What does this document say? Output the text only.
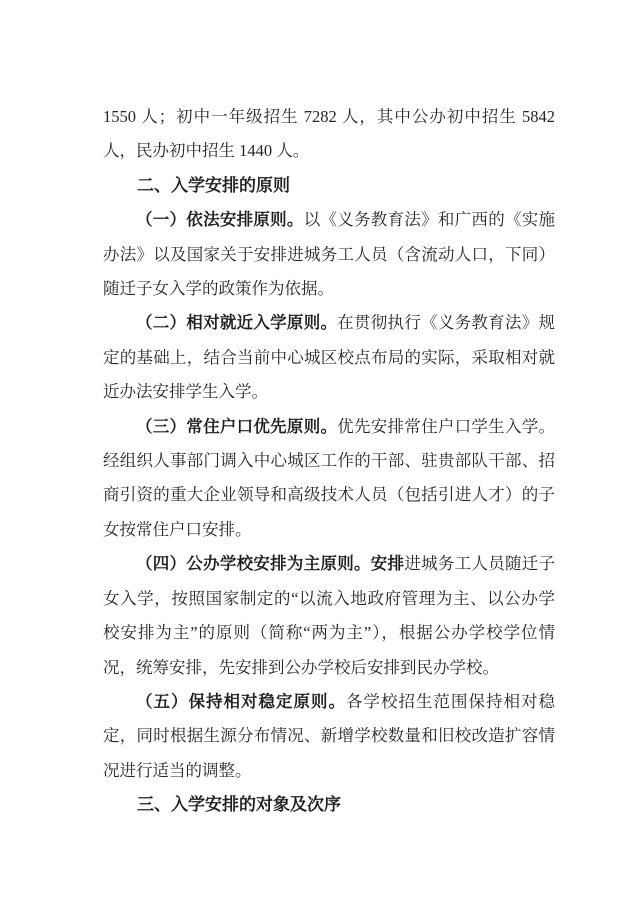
1550 人；初中一年级招生 7282 人，其中公办初中招生 5842 人，民办初中招生 1440 人。

二、入学安排的原则

（一）依法安排原则。以《义务教育法》和广西的《实施办法》以及国家关于安排进城务工人员（含流动人口，下同）随迁子女入学的政策作为依据。

（二）相对就近入学原则。在贯彻执行《义务教育法》规定的基础上，结合当前中心城区校点布局的实际，采取相对就近办法安排学生入学。

（三）常住户口优先原则。优先安排常住户口学生入学。经组织人事部门调入中心城区工作的干部、驻贵部队干部、招商引资的重大企业领导和高级技术人员（包括引进人才）的子女按常住户口安排。

（四）公办学校安排为主原则。安排进城务工人员随迁子女入学，按照国家制定的“以流入地政府管理为主、以公办学校安排为主”的原则（简称“两为主”），根据公办学校学位情况，统筹安排，先安排到公办学校后安排到民办学校。

（五）保持相对稳定原则。各学校招生范围保持相对稳定，同时根据生源分布情况、新增学校数量和旧校改造扩容情况进行适当的调整。

三、入学安排的对象及次序
